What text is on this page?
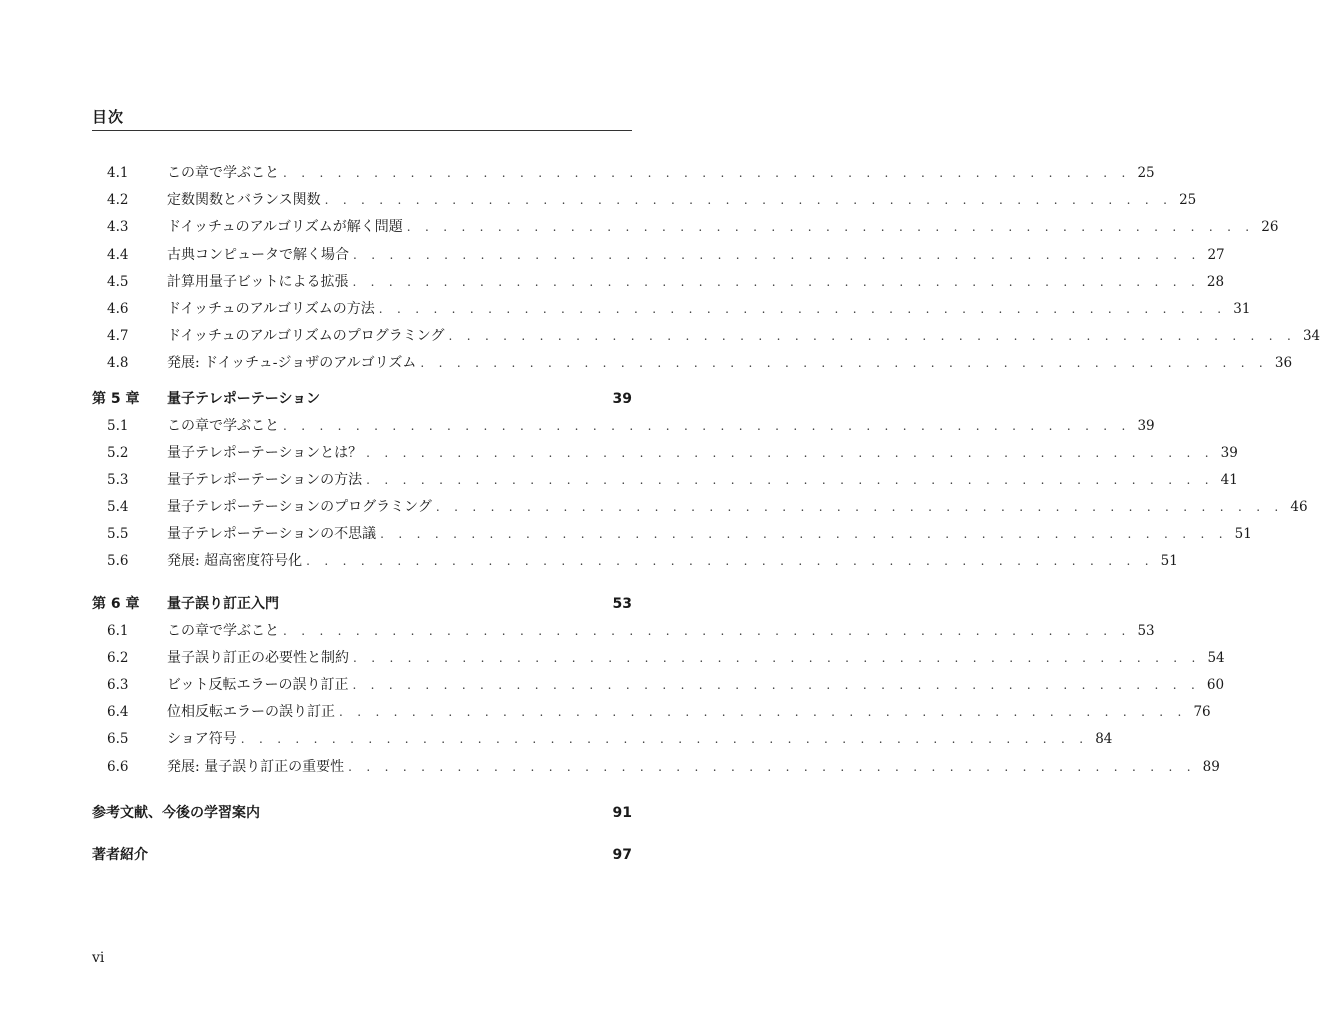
目次
4.1	この章で学ぶこと . . . . . . . . . . . . . . . . . . . . . . . . . . . . . . . . . . . . . . . . . . . . . . . 25
4.2	定数関数とバランス関数 . . . . . . . . . . . . . . . . . . . . . . . . . . . . . . . . . . . . . . . . . . . . . . . 25
4.3	ドイッチュのアルゴリズムが解く問題 . . . . . . . . . . . . . . . . . . . . . . . . . . . . . . . . . . . . . . . . . . . . . . . 26
4.4	古典コンピュータで解く場合 . . . . . . . . . . . . . . . . . . . . . . . . . . . . . . . . . . . . . . . . . . . . . . . 27
4.5	計算用量子ビットによる拡張 . . . . . . . . . . . . . . . . . . . . . . . . . . . . . . . . . . . . . . . . . . . . . . . 28
4.6	ドイッチュのアルゴリズムの方法 . . . . . . . . . . . . . . . . . . . . . . . . . . . . . . . . . . . . . . . . . . . . . . . 31
4.7	ドイッチュのアルゴリズムのプログラミング . . . . . . . . . . . . . . . . . . . . . . . . . . . . . . . . . . . . . . . . . . . . . . . 34
4.8	発展: ドイッチュ-ジョザのアルゴリズム . . . . . . . . . . . . . . . . . . . . . . . . . . . . . . . . . . . . . . . . . . . . . . . 36
第 5 章 量子テレポーテーション	39
5.1	この章で学ぶこと . . . . . . . . . . . . . . . . . . . . . . . . . . . . . . . . . . . . . . . . . . . . . . . 39
5.2	量子テレポーテーションとは？ . . . . . . . . . . . . . . . . . . . . . . . . . . . . . . . . . . . . . . . . . . . . . . . 39
5.3	量子テレポーテーションの方法 . . . . . . . . . . . . . . . . . . . . . . . . . . . . . . . . . . . . . . . . . . . . . . . 41
5.4	量子テレポーテーションのプログラミング . . . . . . . . . . . . . . . . . . . . . . . . . . . . . . . . . . . . . . . . . . . . . . . 46
5.5	量子テレポーテーションの不思議 . . . . . . . . . . . . . . . . . . . . . . . . . . . . . . . . . . . . . . . . . . . . . . . 51
5.6	発展: 超高密度符号化 . . . . . . . . . . . . . . . . . . . . . . . . . . . . . . . . . . . . . . . . . . . . . . . 51
第 6 章 量子誤り訂正入門	53
6.1	この章で学ぶこと . . . . . . . . . . . . . . . . . . . . . . . . . . . . . . . . . . . . . . . . . . . . . . . 53
6.2	量子誤り訂正の必要性と制約 . . . . . . . . . . . . . . . . . . . . . . . . . . . . . . . . . . . . . . . . . . . . . . . 54
6.3	ビット反転エラーの誤り訂正 . . . . . . . . . . . . . . . . . . . . . . . . . . . . . . . . . . . . . . . . . . . . . . . 60
6.4	位相反転エラーの誤り訂正 . . . . . . . . . . . . . . . . . . . . . . . . . . . . . . . . . . . . . . . . . . . . . . . 76
6.5	ショア符号 . . . . . . . . . . . . . . . . . . . . . . . . . . . . . . . . . . . . . . . . . . . . . . . 84
6.6	発展: 量子誤り訂正の重要性 . . . . . . . . . . . . . . . . . . . . . . . . . . . . . . . . . . . . . . . . . . . . . . . 89
参考文献、今後の学習案内	91
著者紹介	97
vi
